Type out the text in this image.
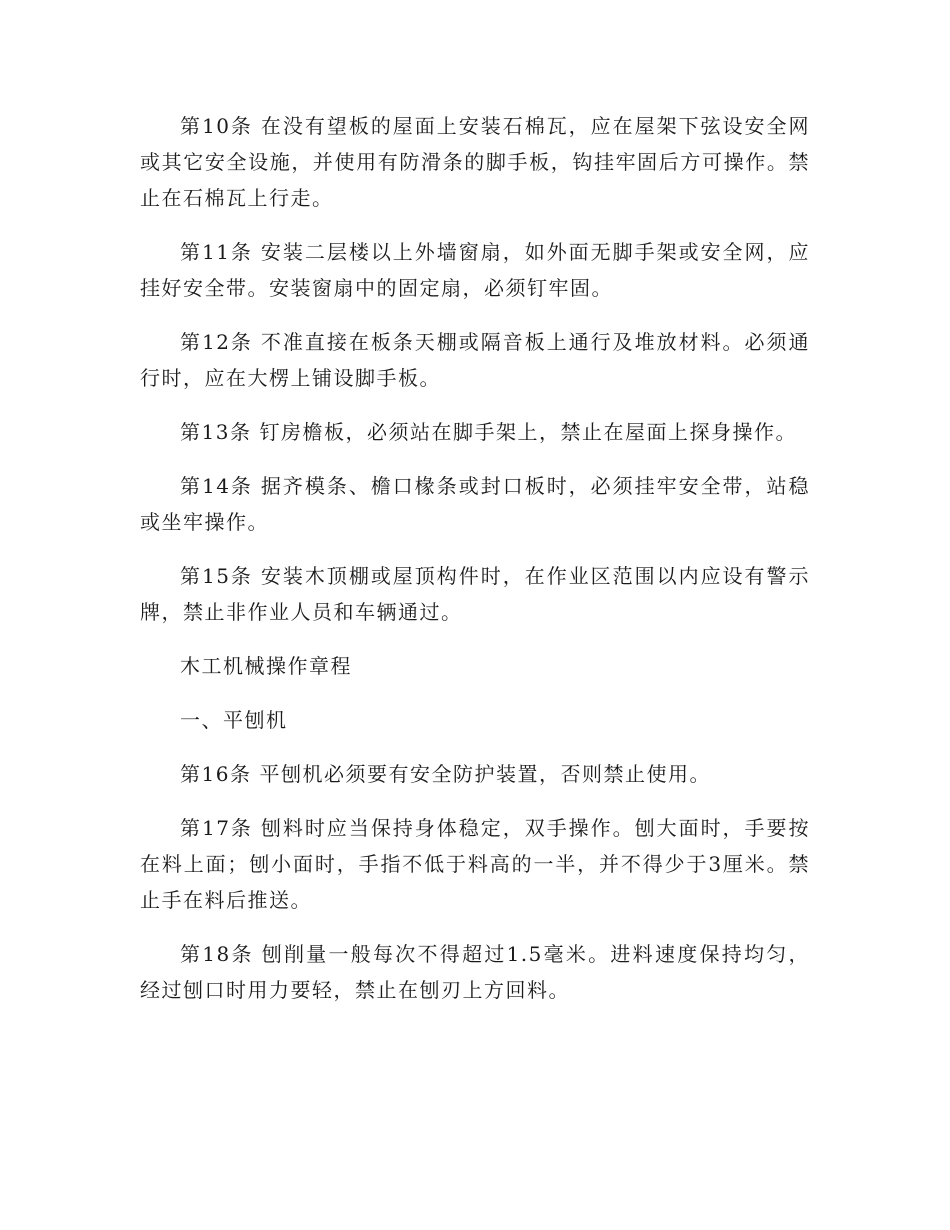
第10条 在没有望板的屋面上安装石棉瓦，应在屋架下弦设安全网或其它安全设施，并使用有防滑条的脚手板，钩挂牢固后方可操作。禁止在石棉瓦上行走。

第11条 安装二层楼以上外墙窗扇，如外面无脚手架或安全网，应挂好安全带。安装窗扇中的固定扇，必须钉牢固。

第12条 不准直接在板条天棚或隔音板上通行及堆放材料。必须通行时，应在大楞上铺设脚手板。

第13条 钉房檐板，必须站在脚手架上，禁止在屋面上探身操作。

第14条 据齐模条、檐口椽条或封口板时，必须挂牢安全带，站稳或坐牢操作。

第15条 安装木顶棚或屋顶构件时，在作业区范围以内应设有警示牌，禁止非作业人员和车辆通过。

木工机械操作章程

一、平刨机

第16条 平刨机必须要有安全防护装置，否则禁止使用。

第17条 刨料时应当保持身体稳定，双手操作。刨大面时，手要按在料上面；刨小面时，手指不低于料高的一半，并不得少于3厘米。禁止手在料后推送。

第18条 刨削量一般每次不得超过1.5毫米。进料速度保持均匀，经过刨口时用力要轻，禁止在刨刃上方回料。
